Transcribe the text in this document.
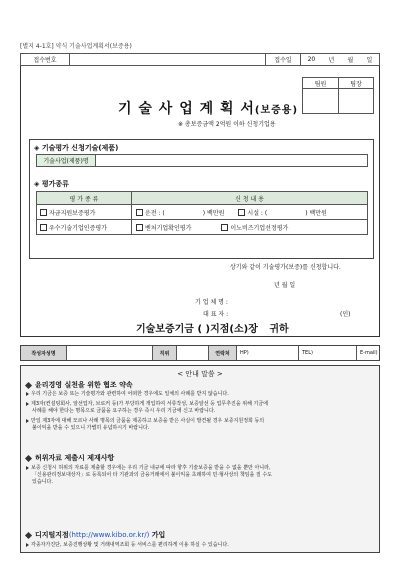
[별지 4-1호] 약식 기술사업계획서(보증용)
접수번호	접수일	20 년 월 일
팀원	팀장
기 술 사 업 계 획 서(보증용)
※ 총보증금액 2억원 이하 신청기업용
◈ 기술평가 신청기술(제품)
기술사업(제품)명
◈ 평가종류
평 가 종 류	신 청 내 용
자금지원보증평가	운전 : (	) 백만원	시설 : (	) 백만원
우수기술기업인증평가	벤처기업확인평가	이노비즈기업선정평가
상기와 같이 기술평가(보증)를 신청합니다.
년 월 일
기 업 체 명 :
대 표 자 :	(인)
기술보증기금 ( )지점(소)장 귀하
작성자성명	직위	연락처	HP)	TEL)	E-mail)
< 안내 말씀 >
윤리경영 실천을 위한 협조 약속
우리 기금은 보증 또는 기술평가와 관련하여 어떠한 경우에도 일체의 사례를 받지 않습니다.
제3자(컨설팅회사, 알선업자, 브로커 등)가 부당하게 개입하여 서류작성, 보증알선 등 업무추진을 위해 기금에
사례를 해야 한다는 명목으로 금품을 요구하는 경우 즉시 우리 기금에 신고 바랍니다.
만일 제3자에 대해 모르나 사례 명목의 금품을 제공하고 보증을 받은 사실이 발견될 경우 보증지원정희 등의
불이익을 받을 수 있으니 가볍히 유념하시기 바랍니다.
허위자료 제출시 제재사항
보증 신청시 허위의 자료를 제출할 경우에는 우리 기금 내규에 따라 향후 기술보증을 받을 수 없을 뿐만 아니라,
「신용관리정보대상자」로 등록되어 타 기관과의 금융거래에서 불이익을 초래하여 민·형사상의 책임을 질 수도
있습니다.
디지털지점(http://www.kibo.or.kr/) 가입
각종자가진단, 보증진행상황 및 거래내역조회 등 서비스를 편리하게 이용 하실 수 있습니다.
